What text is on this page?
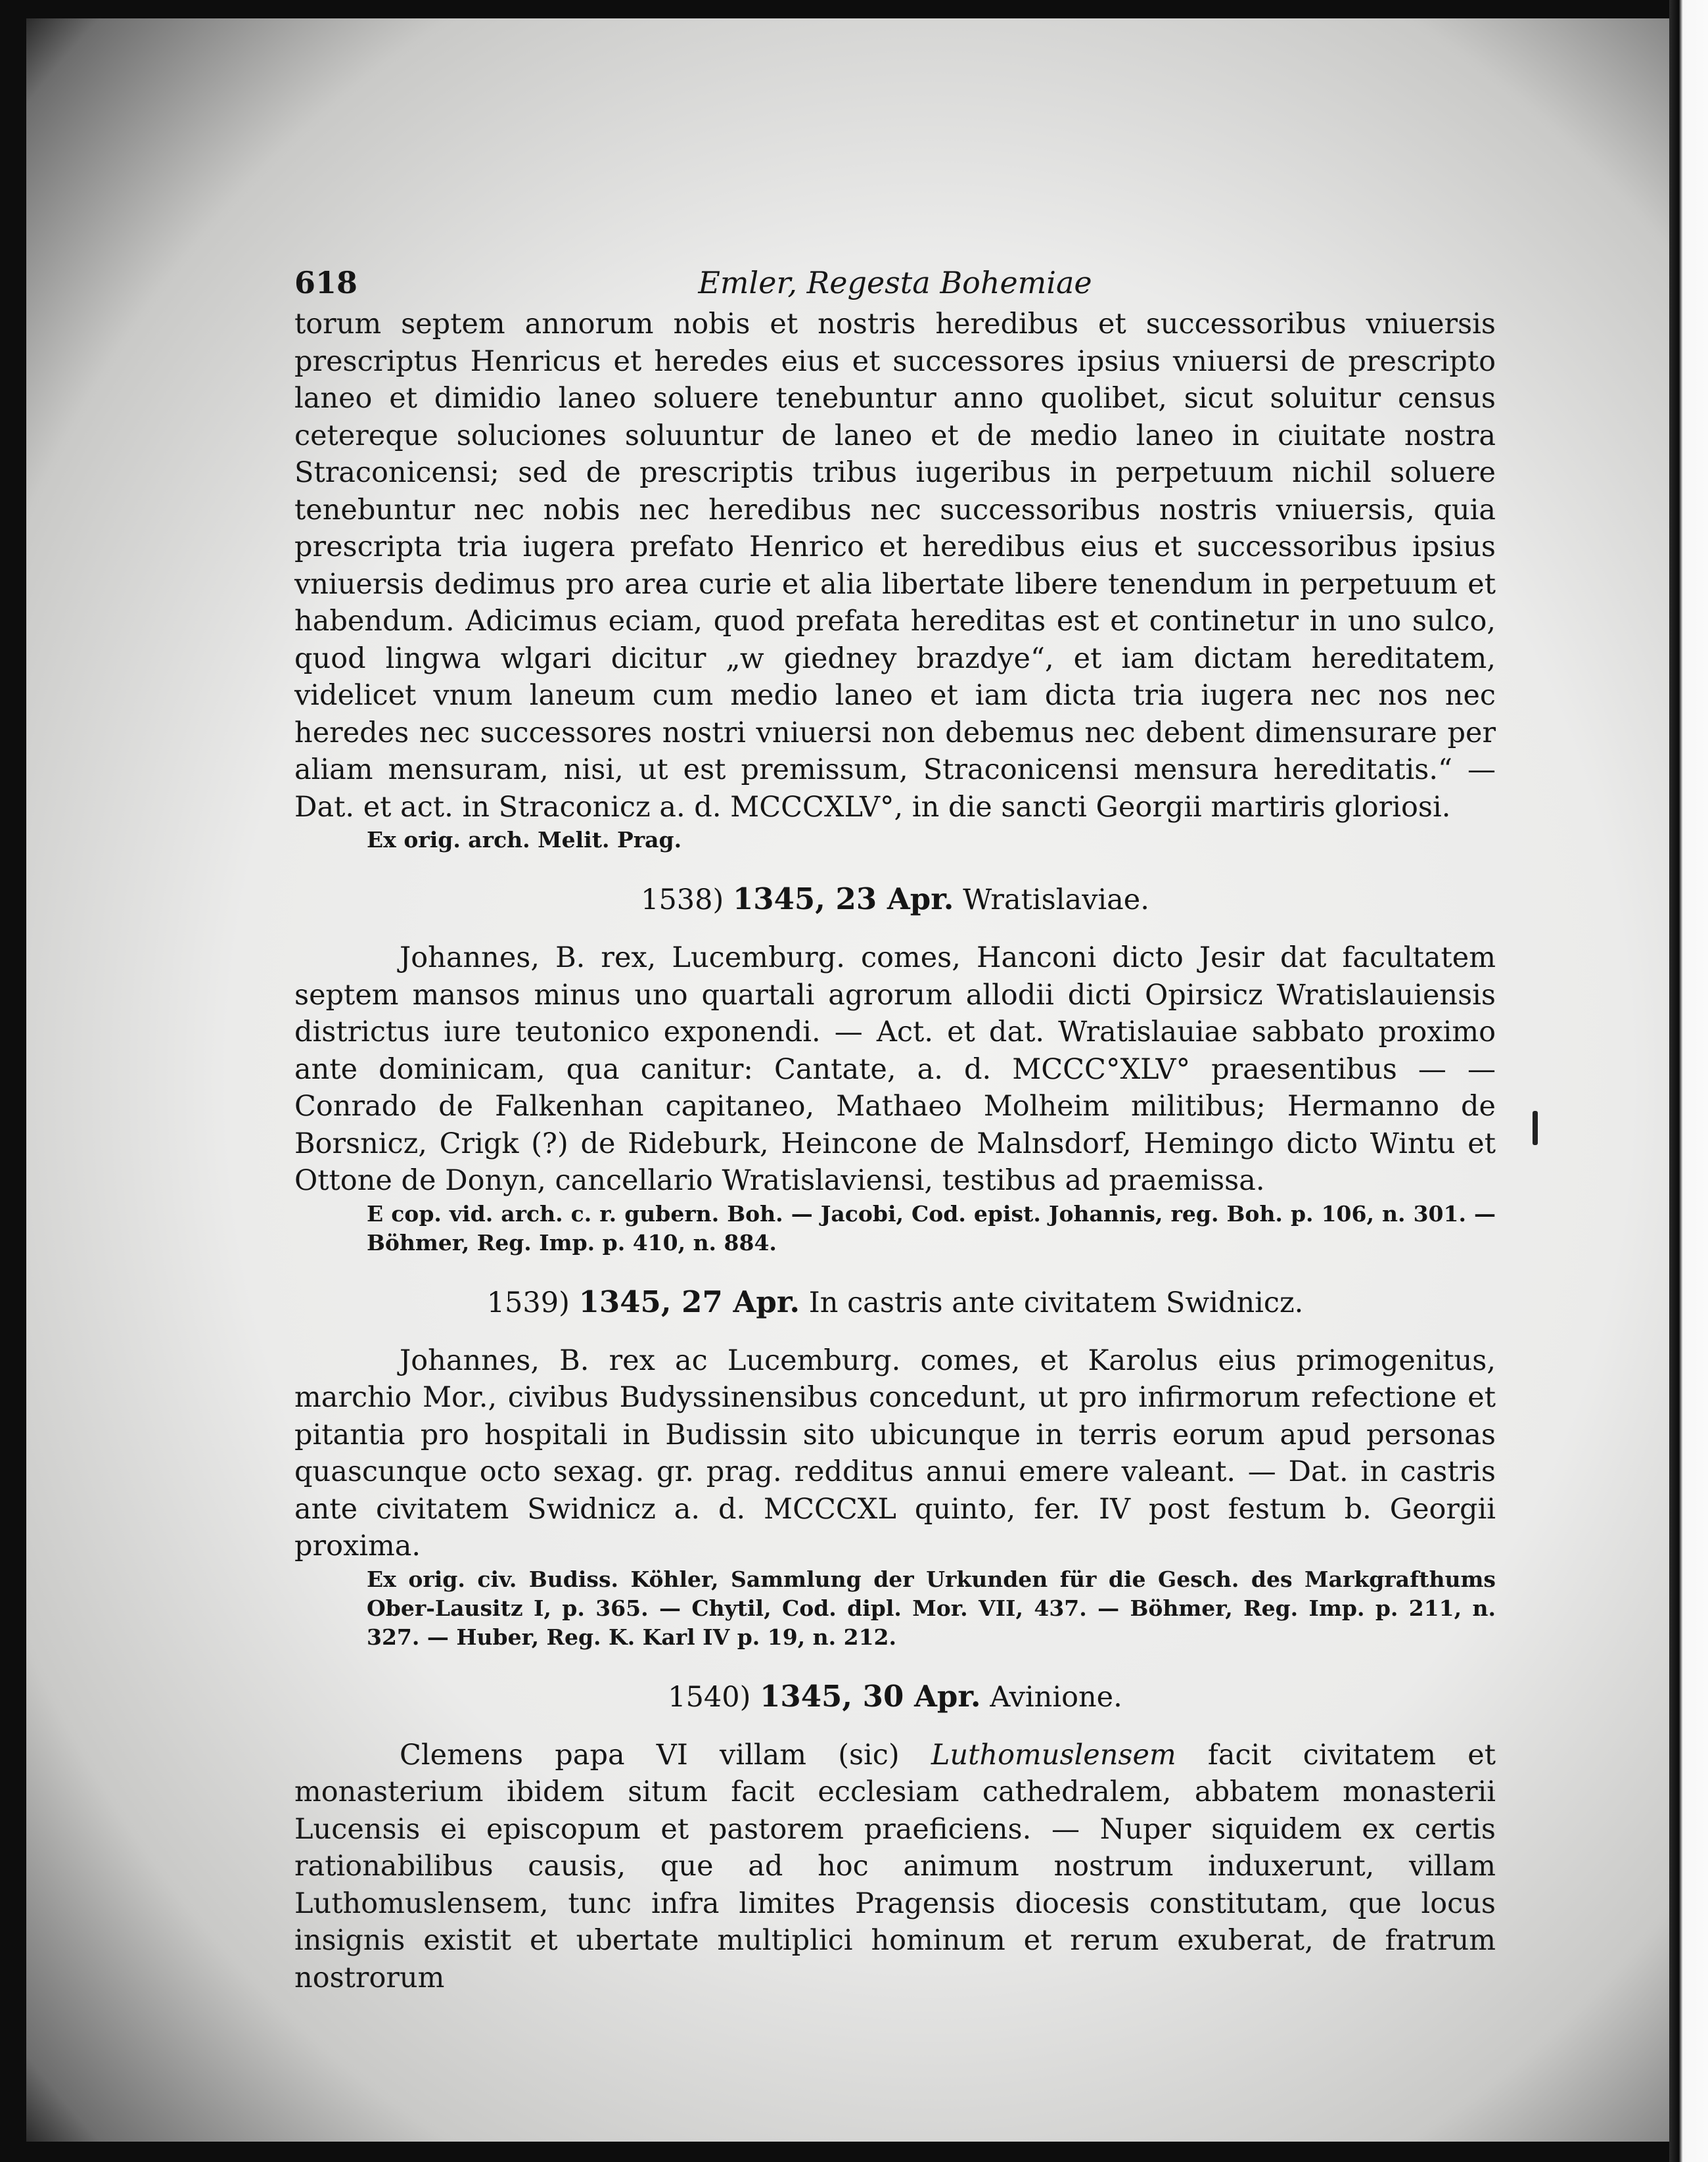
618	Emler, Regesta Bohemiae

torum septem annorum nobis et nostris heredibus et successoribus vniuersis prescriptus Henricus et heredes eius et successores ipsius vniuersi de prescripto laneo et dimidio laneo soluere tenebuntur anno quolibet, sicut soluitur census cetereque soluciones soluuntur de laneo et de medio laneo in ciuitate nostra Straconicensi; sed de prescriptis tribus iugeribus in perpetuum nichil soluere tenebuntur nec nobis nec heredibus nec successoribus nostris vniuersis, quia prescripta tria iugera prefato Henrico et heredibus eius et successoribus ipsius vniuersis dedimus pro area curie et alia libertate libere tenendum in perpetuum et habendum. Adicimus eciam, quod prefata hereditas est et continetur in uno sulco, quod lingwa wlgari dicitur „w giedney brazdye“, et iam dictam hereditatem, videlicet vnum laneum cum medio laneo et iam dicta tria iugera nec nos nec heredes nec successores nostri vniuersi non debemus nec debent dimensurare per aliam mensuram, nisi, ut est premissum, Straconicensi mensura hereditatis.“ — Dat. et act. in Straconicz a. d. MCCCXLV°, in die sancti Georgii martiris gloriosi.

Ex orig. arch. Melit. Prag.

1538) 1345, 23 Apr. Wratislaviae.

Johannes, B. rex, Lucemburg. comes, Hanconi dicto Jesir dat facultatem septem mansos minus uno quartali agrorum allodii dicti Opirsicz Wratislauiensis districtus iure teutonico exponendi. — Act. et dat. Wratislauiae sabbato proximo ante dominicam, qua canitur: Cantate, a. d. MCCC°XLV° praesentibus — — Conrado de Falkenhan capitaneo, Mathaeo Molheim militibus; Hermanno de Borsnicz, Crigk (?) de Rideburk, Heincone de Malnsdorf, Hemingo dicto Wintu et Ottone de Donyn, cancellario Wratislaviensi, testibus ad praemissa.

E cop. vid. arch. c. r. gubern. Boh. — Jacobi, Cod. epist. Johannis, reg. Boh. p. 106, n. 301. — Böhmer, Reg. Imp. p. 410, n. 884.

1539) 1345, 27 Apr. In castris ante civitatem Swidnicz.

Johannes, B. rex ac Lucemburg. comes, et Karolus eius primogenitus, marchio Mor., civibus Budyssinensibus concedunt, ut pro infirmorum refectione et pitantia pro hospitali in Budissin sito ubicunque in terris eorum apud personas quascunque octo sexag. gr. prag. redditus annui emere valeant. — Dat. in castris ante civitatem Swidnicz a. d. MCCCXL quinto, fer. IV post festum b. Georgii proxima.

Ex orig. civ. Budiss. Köhler, Sammlung der Urkunden für die Gesch. des Markgrafthums Ober-Lausitz I, p. 365. — Chytil, Cod. dipl. Mor. VII, 437. — Böhmer, Reg. Imp. p. 211, n. 327. — Huber, Reg. K. Karl IV p. 19, n. 212.

1540) 1345, 30 Apr. Avinione.

Clemens papa VI villam (sic) Luthomuslensem facit civitatem et monasterium ibidem situm facit ecclesiam cathedralem, abbatem monasterii Lucensis ei episcopum et pastorem praeficiens. — Nuper siquidem ex certis rationabilibus causis, que ad hoc animum nostrum induxerunt, villam Luthomuslensem, tunc infra limites Pragensis diocesis constitutam, que locus insignis existit et ubertate multiplici hominum et rerum exuberat, de fratrum nostrorum
